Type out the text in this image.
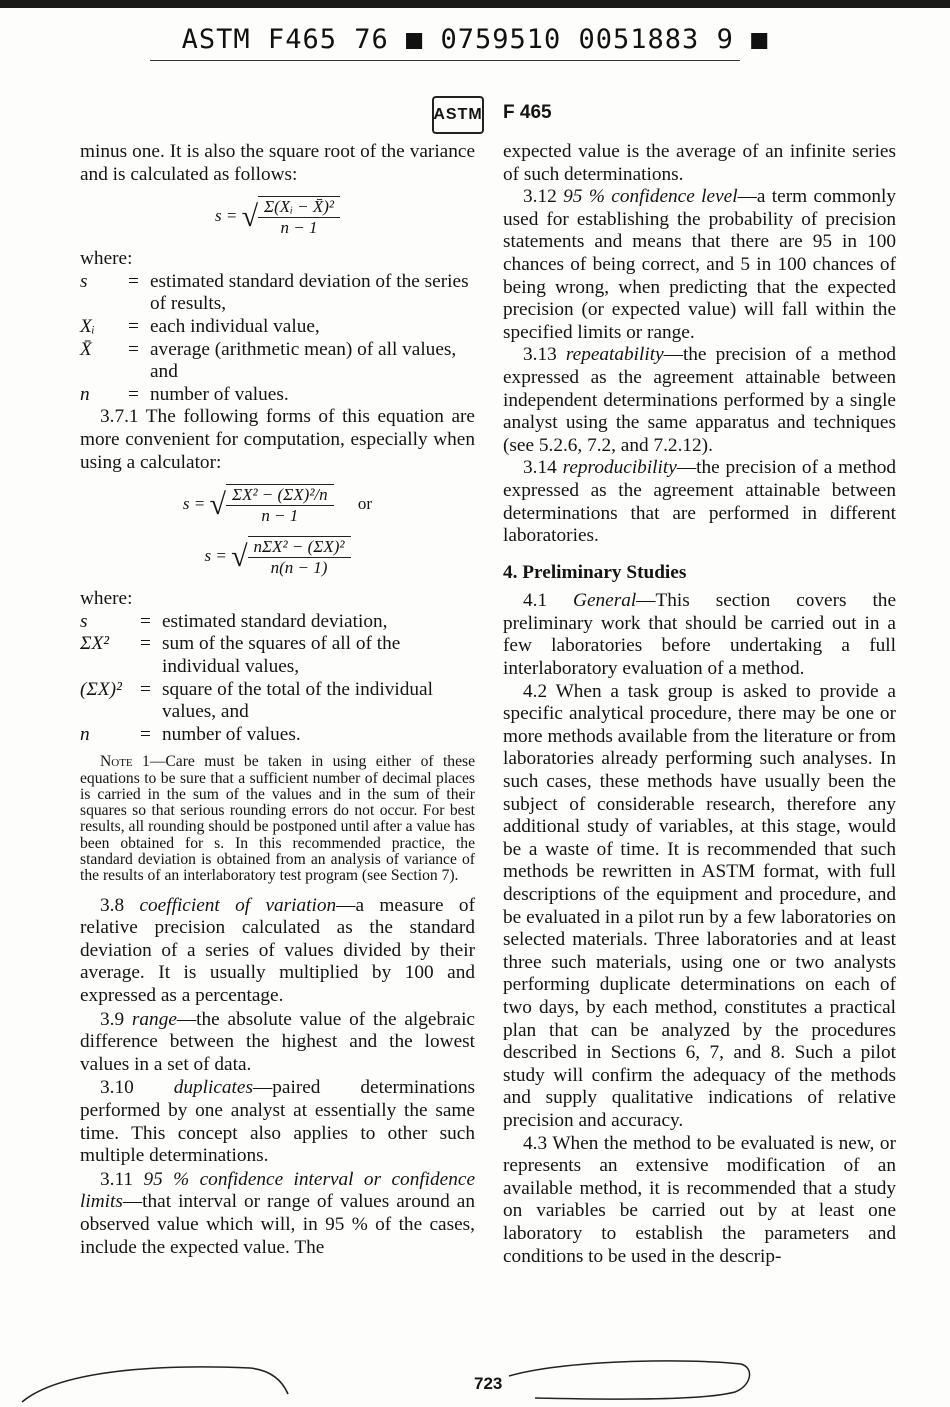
ASTM F465 76 ■ 0759510 0051883 9 ■
ASTM F 465

minus one. It is also the square root of the variance and is calculated as follows:

s = √ $\frac{\text{Σ(Xᵢ − X̄)²}}{n - 1}$

where:

s	=	estimated standard deviation of the series of results,
Xᵢ	=	each individual value,
X̄	=	average (arithmetic mean) of all values, and
n	=	number of values.

3.7.1 The following forms of this equation are more convenient for computation, especially when using a calculator:

s = √ $\frac{\text{ΣX² − (ΣX)²/n}}{n - 1}$ or
s = √ nΣX² − (ΣX)²
n(n − 1)

where:

s	=	estimated standard deviation,
ΣX²	=	sum of the squares of all of the individual values,
(ΣX)²	=	square of the total of the individual values, and
n	=	number of values.

Note 1—Care must be taken in using either of these equations to be sure that a sufficient number of decimal places is carried in the sum of the values and in the sum of their squares so that serious rounding errors do not occur. For best results, all rounding should be postponed until after a value has been obtained for s. In this recommended practice, the standard deviation is obtained from an analysis of variance of the results of an interlaboratory test program (see Section 7).

3.8 coefficient of variation—a measure of relative precision calculated as the standard deviation of a series of values divided by their average. It is usually multiplied by 100 and expressed as a percentage.

3.9 range—the absolute value of the algebraic difference between the highest and the lowest values in a set of data.

3.10 duplicates—paired determinations performed by one analyst at essentially the same time. This concept also applies to other such multiple determinations.

3.11 95 % confidence interval or confidence limits—that interval or range of values around an observed value which will, in 95 % of the cases, include the expected value. The

expected value is the average of an infinite series of such determinations.

3.12 95 % confidence level—a term commonly used for establishing the probability of precision statements and means that there are 95 in 100 chances of being correct, and 5 in 100 chances of being wrong, when predicting that the expected precision (or expected value) will fall within the specified limits or range.

3.13 repeatability—the precision of a method expressed as the agreement attainable between independent determinations performed by a single analyst using the same apparatus and techniques (see 5.2.6, 7.2, and 7.2.12).

3.14 reproducibility—the precision of a method expressed as the agreement attainable between determinations that are performed in different laboratories.

4. Preliminary Studies

4.1 General—This section covers the preliminary work that should be carried out in a few laboratories before undertaking a full interlaboratory evaluation of a method.

4.2 When a task group is asked to provide a specific analytical procedure, there may be one or more methods available from the literature or from laboratories already performing such analyses. In such cases, these methods have usually been the subject of considerable research, therefore any additional study of variables, at this stage, would be a waste of time. It is recommended that such methods be rewritten in ASTM format, with full descriptions of the equipment and procedure, and be evaluated in a pilot run by a few laboratories on selected materials. Three laboratories and at least three such materials, using one or two analysts performing duplicate determinations on each of two days, by each method, constitutes a practical plan that can be analyzed by the procedures described in Sections 6, 7, and 8. Such a pilot study will confirm the adequacy of the methods and supply qualitative indications of relative precision and accuracy.

4.3 When the method to be evaluated is new, or represents an extensive modification of an available method, it is recommended that a study on variables be carried out by at least one laboratory to establish the parameters and conditions to be used in the descrip-

723
